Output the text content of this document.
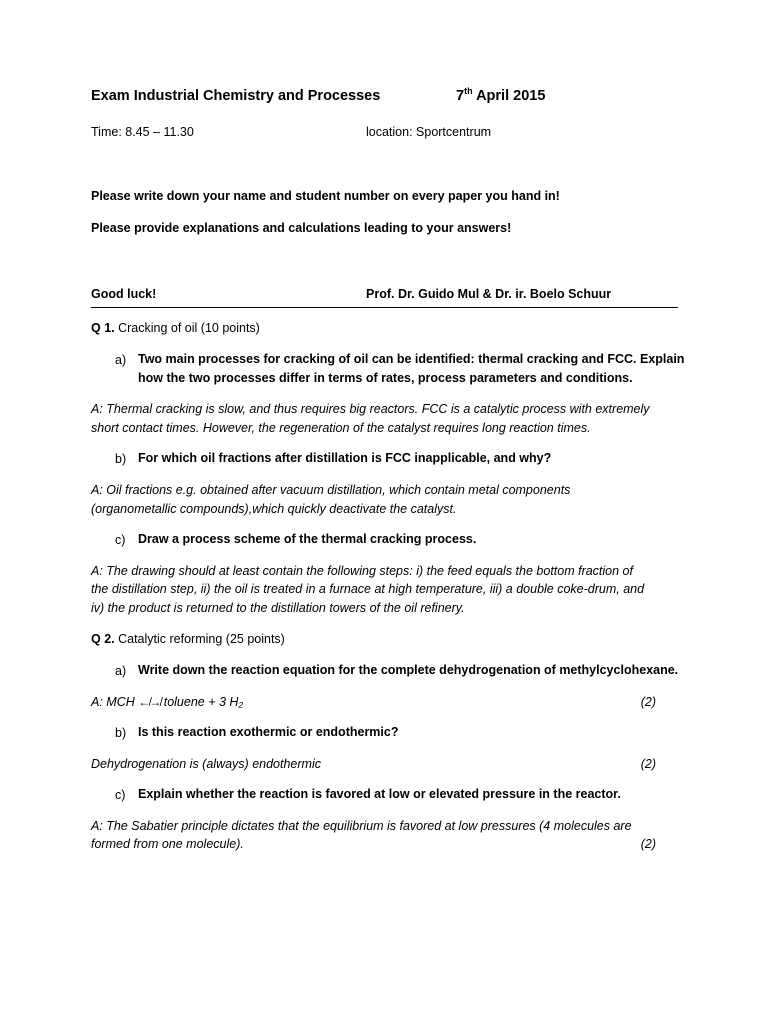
Exam Industrial Chemistry and Processes	7th April 2015
Time: 8.45 – 11.30	location: Sportcentrum
Please write down your name and student number on every paper you hand in!
Please provide explanations and calculations leading to your answers!
Good luck!	Prof. Dr. Guido Mul & Dr. ir. Boelo Schuur
Q 1. Cracking of oil (10 points)
a) Two main processes for cracking of oil can be identified: thermal cracking and FCC. Explain
how the two processes differ in terms of rates, process parameters and conditions.
A: Thermal cracking is slow, and thus requires big reactors. FCC is a catalytic process with extremely
short contact times. However, the regeneration of the catalyst requires long reaction times.
b) For which oil fractions after distillation is FCC inapplicable, and why?
A: Oil fractions e.g. obtained after vacuum distillation, which contain metal components
(organometallic compounds),which quickly deactivate the catalyst.
c) Draw a process scheme of the thermal cracking process.
A: The drawing should at least contain the following steps: i) the feed equals the bottom fraction of
the distillation step, ii) the oil is treated in a furnace at high temperature, iii) a double coke-drum, and
iv) the product is returned to the distillation towers of the oil refinery.
Q 2. Catalytic reforming (25 points)
a) Write down the reaction equation for the complete dehydrogenation of methylcyclohexane.
A: MCH ↚↛ toluene + 3 H₂	(2)
b) Is this reaction exothermic or endothermic?
Dehydrogenation is (always) endothermic	(2)
c) Explain whether the reaction is favored at low or elevated pressure in the reactor.
A: The Sabatier principle dictates that the equilibrium is favored at low pressures (4 molecules are
formed from one molecule).	(2)
